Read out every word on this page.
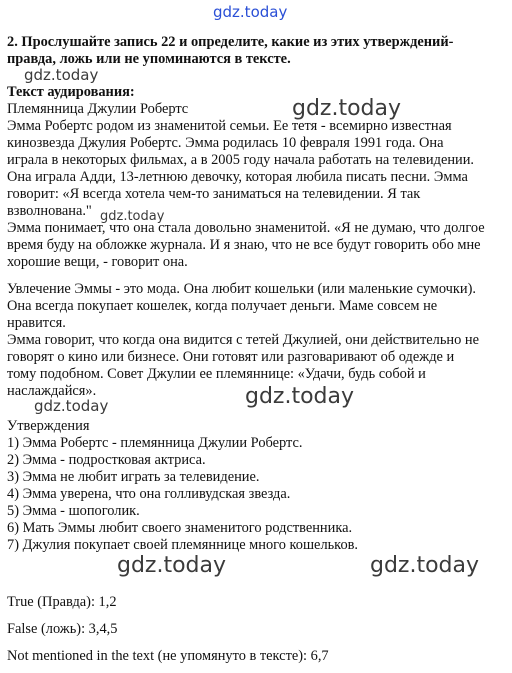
gdz.today
gdz.today
gdz.today
gdz.today
gdz.today
gdz.today
gdz.today	gdz.today
2. Прослушайте запись 22 и определите, какие из этих утверждений-
правда, ложь или не упоминаются в тексте.
Текст аудирования:
Племянница Джулии Робертс
Эмма Робертс родом из знаменитой семьи. Ее тетя - всемирно известная
кинозвезда Джулия Робертс. Эмма родилась 10 февраля 1991 года. Она
играла в некоторых фильмах, а в 2005 году начала работать на телевидении.
Она играла Адди, 13-летнюю девочку, которая любила писать песни. Эмма
говорит: «Я всегда хотела чем-то заниматься на телевидении. Я так
взволнована."
Эмма понимает, что она стала довольно знаменитой. «Я не думаю, что долгое
время буду на обложке журнала. И я знаю, что не все будут говорить обо мне
хорошие вещи, - говорит она.
Увлечение Эммы - это мода. Она любит кошельки (или маленькие сумочки).
Она всегда покупает кошелек, когда получает деньги. Маме совсем не
нравится.
Эмма говорит, что когда она видится с тетей Джулией, они действительно не
говорят о кино или бизнесе. Они готовят или разговаривают об одежде и
тому подобном. Совет Джулии ее племяннице: «Удачи, будь собой и
наслаждайся».
Утверждения
1) Эмма Робертс - племянница Джулии Робертс.
2) Эмма - подростковая актриса.
3) Эмма не любит играть за телевидение.
4) Эмма уверена, что она голливудская звезда.
5) Эмма - шопоголик.
6) Мать Эммы любит своего знаменитого родственника.
7) Джулия покупает своей племяннице много кошельков.
True (Правда): 1,2
False (ложь): 3,4,5
Not mentioned in the text (не упомянуто в тексте): 6,7
